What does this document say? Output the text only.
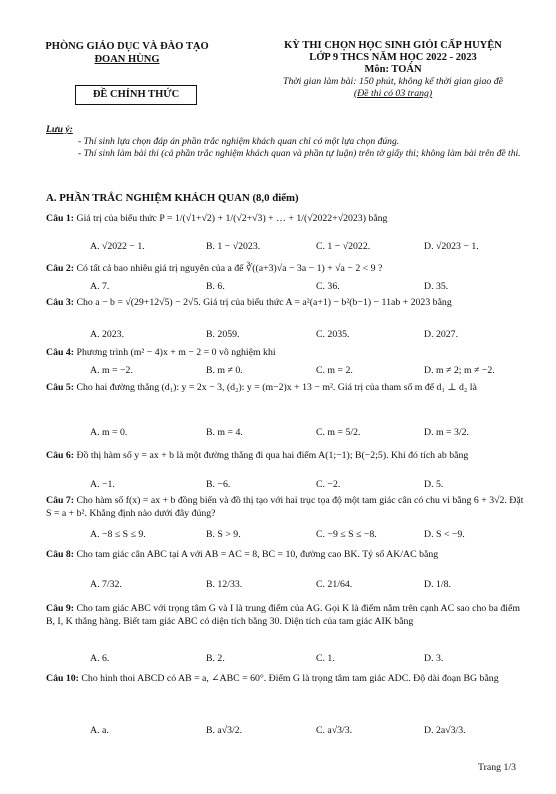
PHÒNG GIÁO DỤC VÀ ĐÀO TẠO
ĐOAN HÙNG
ĐỀ CHÍNH THỨC
KỲ THI CHỌN HỌC SINH GIỎI CẤP HUYỆN
LỚP 9 THCS NĂM HỌC 2022 - 2023
Môn: TOÁN
Thời gian làm bài: 150 phút, không kể thời gian giao đề
(Đề thi có 03 trang)
Lưu ý:
- Thí sinh lựa chọn đáp án phần trắc nghiệm khách quan chỉ có một lựa chọn đúng.
- Thí sinh làm bài thi (cả phần trắc nghiệm khách quan và phần tự luận) trên tờ giấy thi; không làm bài trên đề thi.
A. PHẦN TRẮC NGHIỆM KHÁCH QUAN (8,0 điểm)
Câu 1: Giá trị của biểu thức P = 1/(√1+√2) + 1/(√2+√3) + … + 1/(√2022+√2023) bằng
A. √2022 − 1.	B. 1 − √2023.	C. 1 − √2022.	D. √2023 − 1.
Câu 2: Có tất cả bao nhiêu giá trị nguyên của a để ∛((a+3)√a − 3a − 1) + √a − 2 < 9 ?
A. 7.	B. 6.	C. 36.	D. 35.
Câu 3: Cho a − b = √(29+12√5) − 2√5. Giá trị của biểu thức A = a²(a+1) − b²(b−1) − 11ab + 2023 bằng
A. 2023.	B. 2059.	C. 2035.	D. 2027.
Câu 4: Phương trình (m² − 4)x + m − 2 = 0 vô nghiệm khi
A. m = −2.	B. m ≠ 0.	C. m = 2.	D. m ≠ 2; m ≠ −2.
Câu 5: Cho hai đường thẳng (d₁): y = 2x − 3, (d₂): y = (m−2)x + 13 − m². Giá trị của tham số m để d₁ ⊥ d₂ là
A. m = 0.	B. m = 4.	C. m = 5/2.	D. m = 3/2.
Câu 6: Đồ thị hàm số y = ax + b là một đường thẳng đi qua hai điểm A(1;−1); B(−2;5). Khi đó tích ab bằng
A. −1.	B. −6.	C. −2.	D. 5.
Câu 7: Cho hàm số f(x) = ax + b đồng biến và đồ thị tạo với hai trục tọa độ một tam giác cân có chu vi bằng 6 + 3√2. Đặt S = a + b². Khẳng định nào dưới đây đúng?
A. −8 ≤ S ≤ 9.	B. S > 9.	C. −9 ≤ S ≤ −8.	D. S < −9.
Câu 8: Cho tam giác cân ABC tại A với AB = AC = 8, BC = 10, đường cao BK. Tỷ số AK/AC bằng
A. 7/32.	B. 12/33.	C. 21/64.	D. 1/8.
Câu 9: Cho tam giác ABC với trọng tâm G và I là trung điểm của AG. Gọi K là điểm nằm trên cạnh AC sao cho ba điểm B, I, K thẳng hàng. Biết tam giác ABC có diện tích bằng 30. Diện tích của tam giác AIK bằng
A. 6.	B. 2.	C. 1.	D. 3.
Câu 10: Cho hình thoi ABCD có AB = a, ∠ABC = 60°. Điểm G là trọng tâm tam giác ADC. Độ dài đoạn BG bằng
A. a.	B. a√3/2.	C. a√3/3.	D. 2a√3/3.
Trang 1/3
